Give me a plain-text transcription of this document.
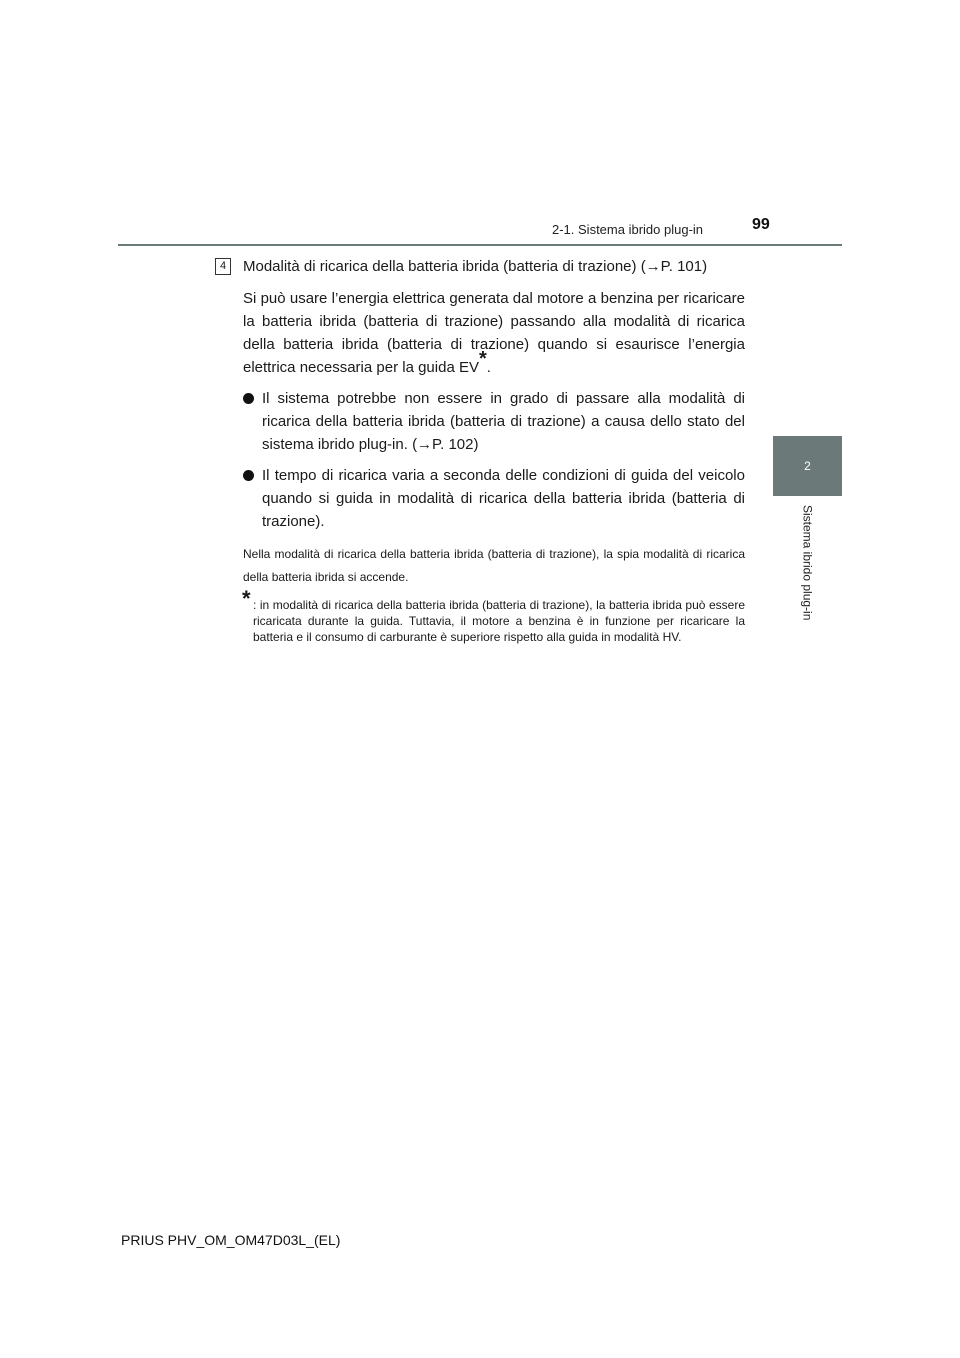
2-1. Sistema ibrido plug-in	99
2
Sistema ibrido plug-in
4	Modalità di ricarica della batteria ibrida (batteria di trazione) (→P. 101)
Si può usare l’energia elettrica generata dal motore a benzina per ricaricare la batteria ibrida (batteria di trazione) passando alla modalità di ricarica della batteria ibrida (batteria di trazione) quando si esaurisce l’energia elettrica necessaria per la guida EV*.
Il sistema potrebbe non essere in grado di passare alla modalità di ricarica della batteria ibrida (batteria di trazione) a causa dello stato del sistema ibrido plug-in. (→P. 102)
Il tempo di ricarica varia a seconda delle condizioni di guida del veicolo quando si guida in modalità di ricarica della batteria ibrida (batteria di trazione).
Nella modalità di ricarica della batteria ibrida (batteria di trazione), la spia modalità di ricarica della batteria ibrida si accende.
* : in modalità di ricarica della batteria ibrida (batteria di trazione), la batteria ibrida può essere ricaricata durante la guida. Tuttavia, il motore a benzina è in funzione per ricaricare la batteria e il consumo di carburante è superiore rispetto alla guida in modalità HV.
PRIUS PHV_OM_OM47D03L_(EL)
